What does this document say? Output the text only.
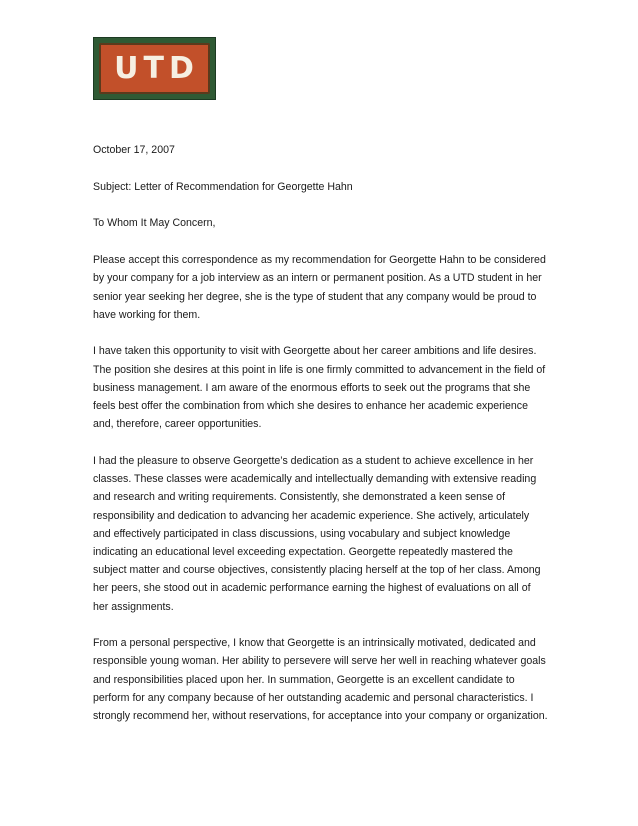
UTD

October 17, 2007

Subject: Letter of Recommendation for Georgette Hahn

To Whom It May Concern,

Please accept this correspondence as my recommendation for Georgette Hahn to be considered by your company for a job interview as an intern or permanent position. As a UTD student in her senior year seeking her degree, she is the type of student that any company would be proud to have working for them.

I have taken this opportunity to visit with Georgette about her career ambitions and life desires. The position she desires at this point in life is one firmly committed to advancement in the field of business management. I am aware of the enormous efforts to seek out the programs that she feels best offer the combination from which she desires to enhance her academic experience and, therefore, career opportunities.

I had the pleasure to observe Georgette’s dedication as a student to achieve excellence in her classes. These classes were academically and intellectually demanding with extensive reading and research and writing requirements. Consistently, she demonstrated a keen sense of responsibility and dedication to advancing her academic experience. She actively, articulately and effectively participated in class discussions, using vocabulary and subject knowledge indicating an educational level exceeding expectation. Georgette repeatedly mastered the subject matter and course objectives, consistently placing herself at the top of her class. Among her peers, she stood out in academic performance earning the highest of evaluations on all of her assignments.

From a personal perspective, I know that Georgette is an intrinsically motivated, dedicated and responsible young woman. Her ability to persevere will serve her well in reaching whatever goals and responsibilities placed upon her. In summation, Georgette is an excellent candidate to perform for any company because of her outstanding academic and personal characteristics. I strongly recommend her, without reservations, for acceptance into your company or organization.
